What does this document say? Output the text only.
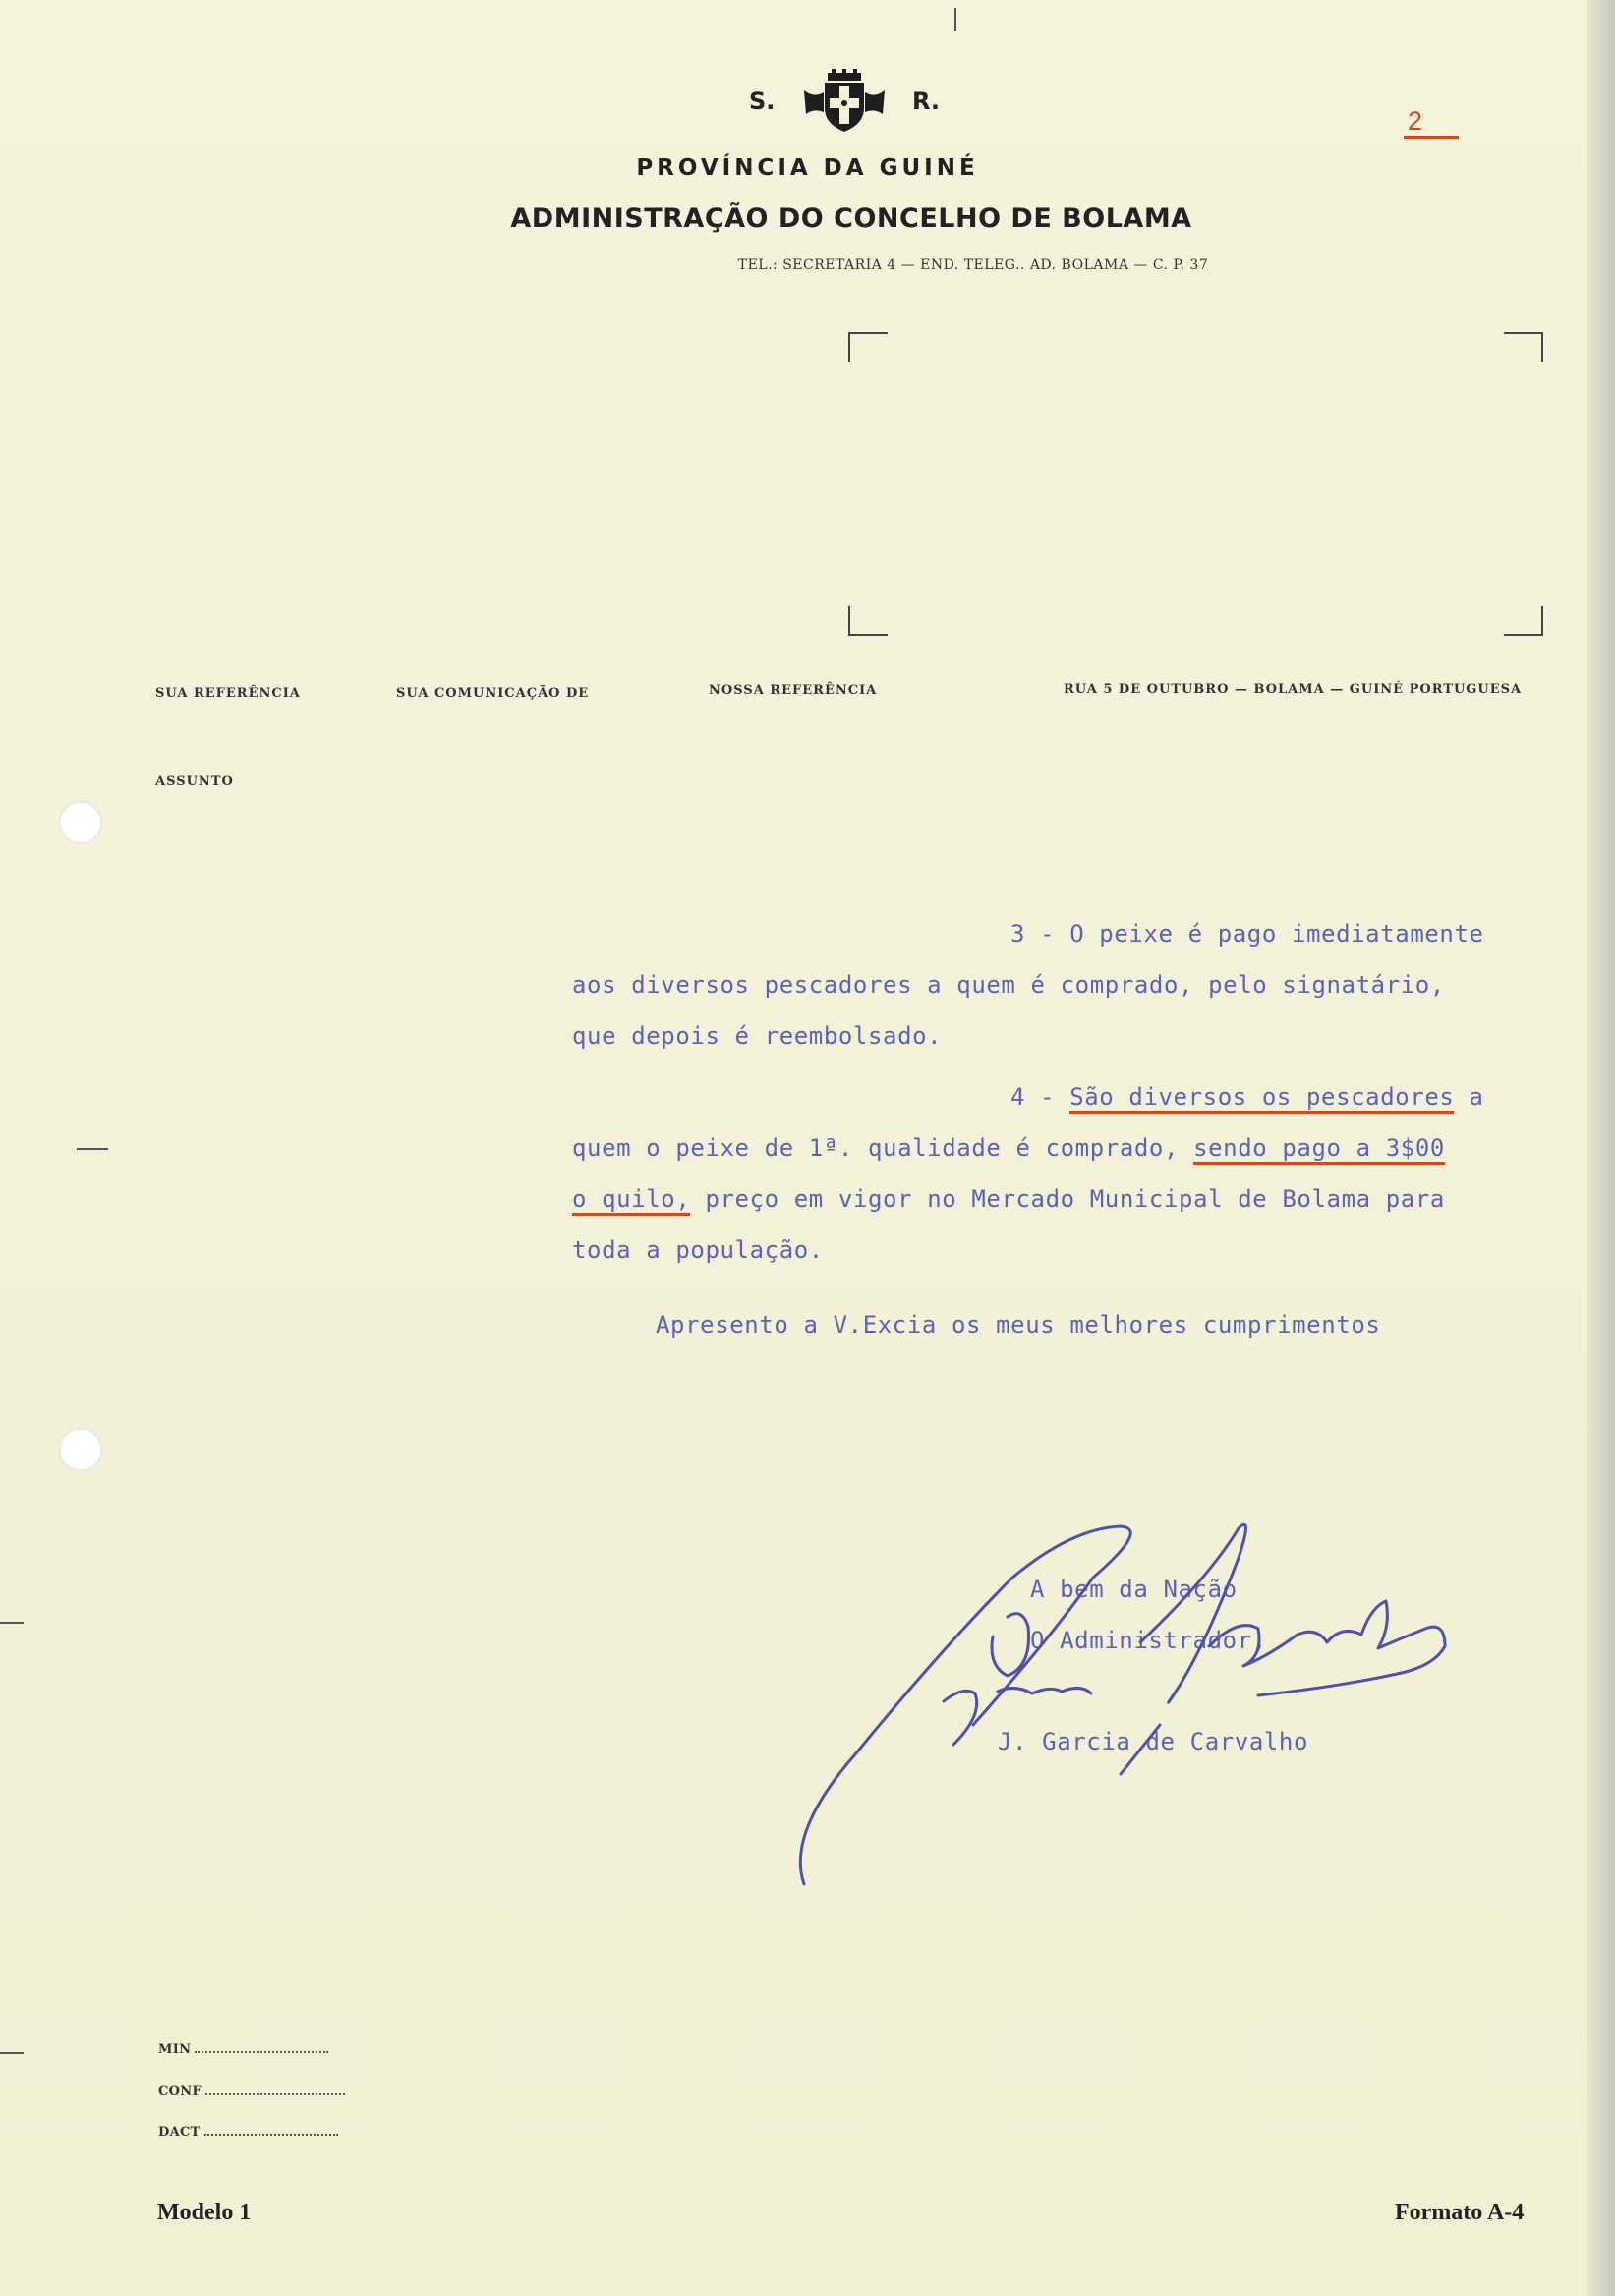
S.	R.
2
PROVÍNCIA DA GUINÉ
ADMINISTRAÇÃO DO CONCELHO DE BOLAMA
TEL.: SECRETARIA 4 — END. TELEG.. AD. BOLAMA — C. P. 37
SUA REFERÊNCIA	SUA COMUNICAÇÃO DE	NOSSA REFERÊNCIA	RUA 5 DE OUTUBRO — BOLAMA — GUINÉ PORTUGUESA
ASSUNTO
3 - O peixe é pago imediatamente
aos diversos pescadores a quem é comprado, pelo signatário,
que depois é reembolsado.
4 - São diversos os pescadores a
quem o peixe de 1ª. qualidade é comprado, sendo pago a 3$00
o quilo, preço em vigor no Mercado Municipal de Bolama para
toda a população.
Apresento a V.Excia os meus melhores cumprimentos
A bem da Nação
O Administrador,
J. Garcia de Carvalho
MIN
CONF
DACT
Modelo 1	Formato A-4
